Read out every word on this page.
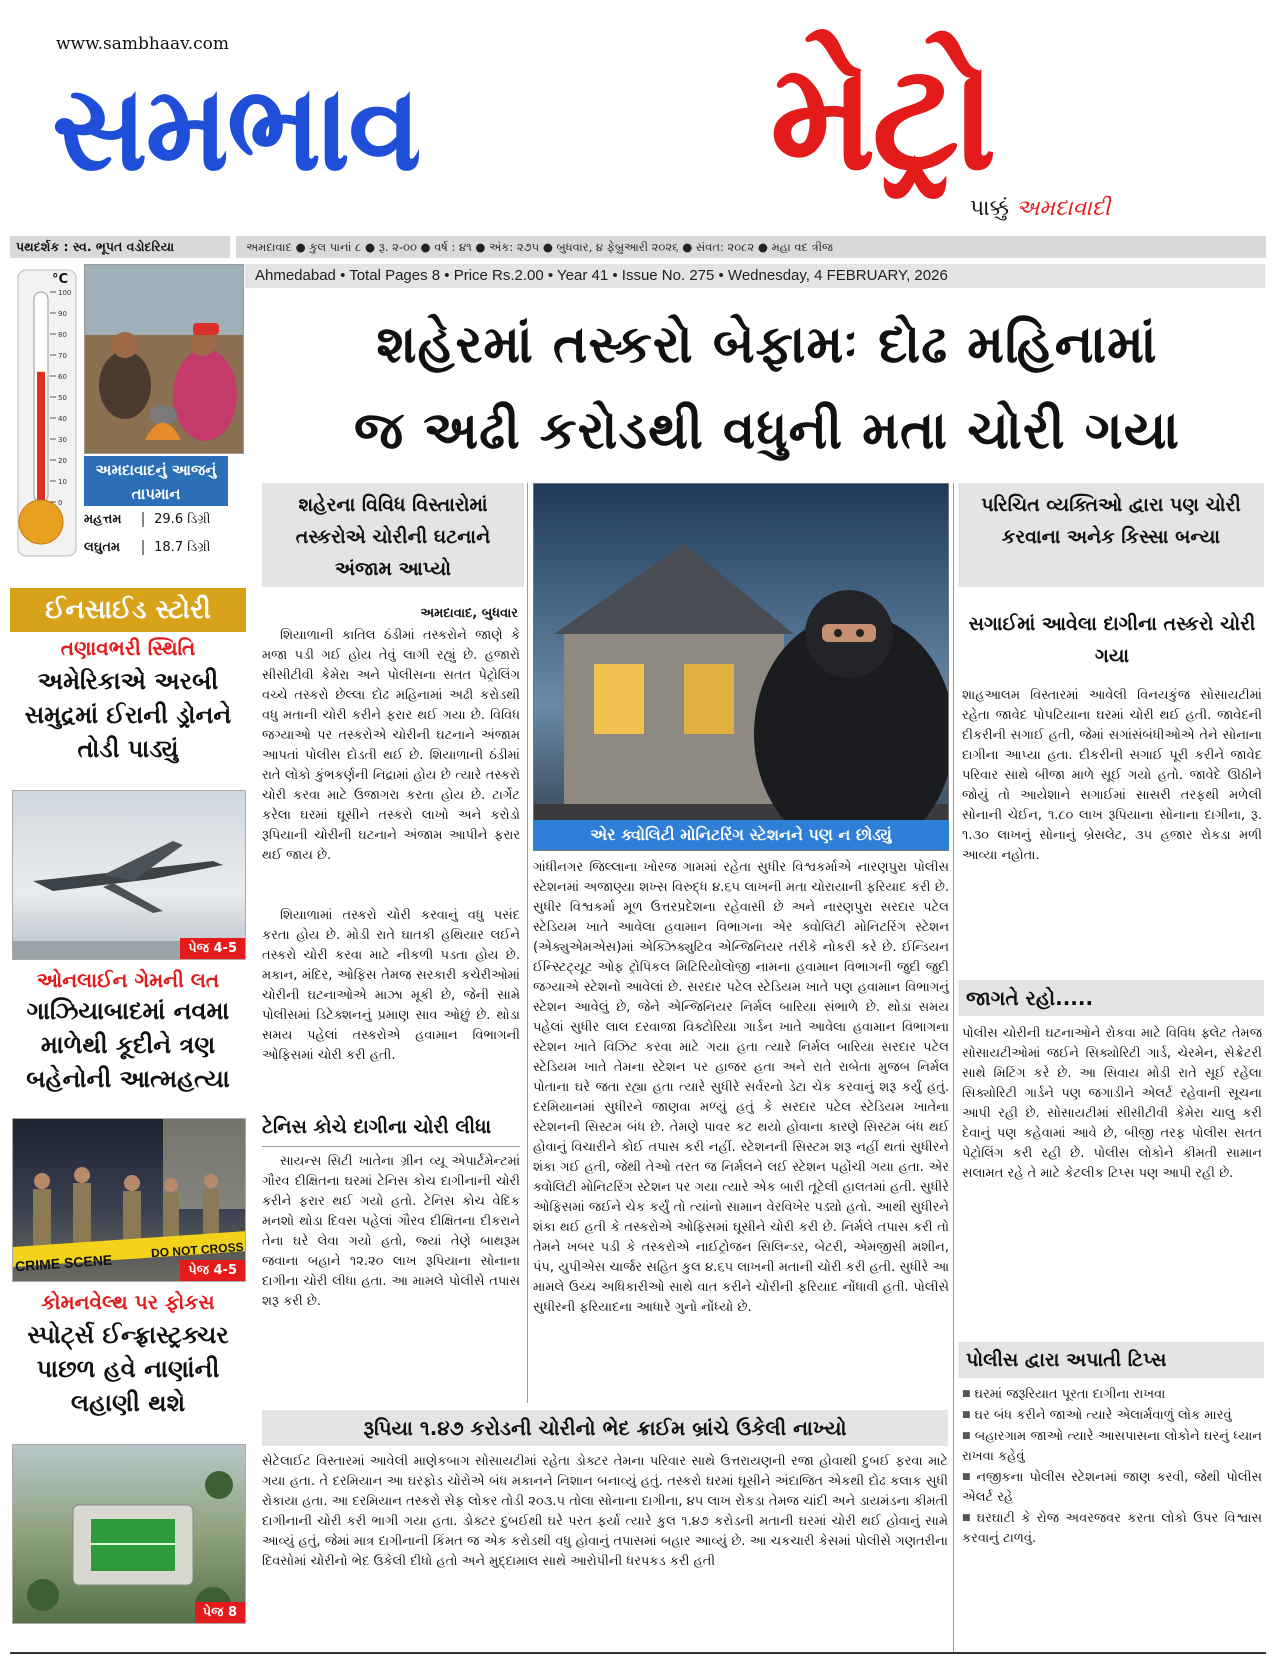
www.sambhaav.com
સમભાવ મેટ્રો
પાક્કું અમદાવાદી
પથદર્શક : સ્વ. ભૂપત વડોદરિયા	અમદાવાદ ● કુલ પાનાં ૮ ● રૂ. ૨-૦૦ ● વર્ષ : ૪૧ ● અંક: ૨૭૫ ● બુધવાર, ૪ ફેબ્રુઆરી ૨૦૨૬ ● સંવત: ૨૦૮૨ ● મહા વદ ત્રીજ
Ahmedabad • Total Pages 8 • Price Rs.2.00 • Year 41 • Issue No. 275 • Wednesday, 4 FEBRUARY, 2026
100
90
80
70
60
50
40
30
20
10
0
°C
અમદાવાદનું આજનું તાપમાન
મહત્તમ	29.6 ડિગ્રી
લઘુતમ	18.7 ડિગ્રી
ઈનસાઈડ સ્ટોરી
તણાવભરી સ્થિતિ
અમેરિકાએ અરબી સમુદ્રમાં ઈરાની ડ્રોનને તોડી પાડ્યું
પેજ 4-5
ઓનલાઈન ગેમની લત
ગાઝિયાબાદમાં નવમા માળેથી કૂદીને ત્રણ બહેનોની આત્મહત્યા
CRIME SCENE
DO NOT CROSS
પેજ 4-5
કોમનવેલ્થ પર ફોકસ
સ્પોર્ટ્સ ઈન્ફ્રાસ્ટ્રક્ચર પાછળ હવે નાણાંની લહાણી થશે
પેજ 8
શહેરમાં તસ્કરો બેફામઃ દોઢ મહિનામાં
જ અઢી કરોડથી વધુની મતા ચોરી ગયા
શહેરના વિવિધ વિસ્તારોમાં તસ્કરોએ ચોરીની ઘટનાને અંજામ આપ્યો
અમદાવાદ, બુધવાર
શિયાળાની કાતિલ ઠંડીમાં તસ્કરોને જાણે કે મજા પડી ગઈ હોય તેવું લાગી રહ્યું છે. હજારો સીસીટીવી કેમેરા અને પોલીસના સતત પેટ્રોલિંગ વચ્ચે તસ્કરો છેલ્લા દોઢ મહિનામાં અઢી કરોડથી વધુ મતાની ચોરી કરીને ફરાર થઈ ગયા છે. વિવિધ જગ્યાઓ પર તસ્કરોએ ચોરીની ઘટનાને અંજામ આપતાં પોલીસ દોડતી થઈ છે. શિયાળાની ઠંડીમાં રાતે લોકો કુંભકર્ણની નિદ્રામાં હોય છે ત્યારે તસ્કરો ચોરી કરવા માટે ઉજાગરા કરતા હોય છે. ટાર્ગેટ કરેલા ઘરમાં ઘૂસીને તસ્કરો લાખો અને કરોડો રૂપિયાની ચોરીની ઘટનાને અંજામ આપીને ફરાર થઈ જાય છે.
શિયાળામાં તસ્કરો ચોરી કરવાનું વધુ પસંદ કરતા હોય છે. મોડી રાતે ઘાતકી હથિયાર લઈને તસ્કરો ચોરી કરવા માટે નીકળી પડતા હોય છે. મકાન, મંદિર, ઓફિસ તેમજ સરકારી કચેરીઓમાં ચોરીની ઘટનાઓએ માઝા મૂકી છે, જેની સામે પોલીસમાં ડિટેક્શનનું પ્રમાણ સાવ ઓછું છે. થોડા સમય પહેલાં તસ્કરોએ હવામાન વિભાગની ઓફિસમાં ચોરી કરી હતી.
ટેનિસ કોચે દાગીના ચોરી લીધા
સાયન્સ સિટી ખાતેના ગ્રીન વ્યૂ એપાર્ટમેન્ટમાં ગૌરવ દીક્ષિતના ઘરમાં ટેનિસ કોચ દાગીનાની ચોરી કરીને ફરાર થઈ ગયો હતો. ટેનિસ કોચ વેદિક મનશો થોડા દિવસ પહેલાં ગૌરવ દીક્ષિતના દીકરાને તેના ઘરે લેવા ગયો હતો, જ્યાં તેણે બાથરૂમ જવાના બહાને ૧૨.૨૦ લાખ રૂપિયાના સોનાના દાગીના ચોરી લીધા હતા. આ મામલે પોલીસે તપાસ શરૂ કરી છે.
એર ક્વોલિટી મોનિટરિંગ સ્ટેશનને પણ ન છોડ્યું
ગાંધીનગર જિલ્લાના ખોરજ ગામમાં રહેતા સુધીર વિશ્વકર્માએ નારણપુરા પોલીસ સ્ટેશનમાં અજાણ્યા શખ્સ વિરુદ્ધ ૪.૬૫ લાખની મતા ચોરાયાની ફરિયાદ કરી છે. સુધીર વિશ્વકર્મા મૂળ ઉત્તરપ્રદેશના રહેવાસી છે અને નારણપુરા સરદાર પટેલ સ્ટેડિયમ ખાતે આવેલા હવામાન વિભાગના એર ક્વોલિટી મોનિટરિંગ સ્ટેશન (એક્યુએમએસ)માં એક્ઝિક્યુટિવ એન્જિનિયર તરીકે નોકરી કરે છે. ઈન્ડિયન ઈન્સ્ટિટ્યૂટ ઓફ ટ્રોપિકલ મિટિરિયોલોજી નામના હવામાન વિભાગની જુદી જુદી જગ્યાએ સ્ટેશનો આવેલાં છે. સરદાર પટેલ સ્ટેડિયમ ખાતે પણ હવામાન વિભાગનું સ્ટેશન આવેલું છે, જેને એન્જિનિયર નિર્મલ બારિયા સંભાળે છે. થોડા સમય પહેલાં સુધીર લાલ દરવાજા વિક્ટોરિયા ગાર્ડન ખાતે આવેલા હવામાન વિભાગના સ્ટેશન ખાતે વિઝિટ કરવા માટે ગયા હતા ત્યારે નિર્મલ બારિયા સરદાર પટેલ સ્ટેડિયમ ખાતે તેમના સ્ટેશન પર હાજર હતા અને રાતે રાબેતા મુજબ નિર્મલ પોતાના ઘરે જતા રહ્યા હતા ત્યારે સુધીરે સર્વરનો ડેટા ચેક કરવાનું શરૂ કર્યું હતું. દરમિયાનમાં સુધીરને જાણવા મળ્યું હતું કે સરદાર પટેલ સ્ટેડિયમ ખાતેના સ્ટેશનની સિસ્ટમ બંધ છે. તેમણે પાવર કટ થયો હોવાના કારણે સિસ્ટમ બંધ થઈ હોવાનું વિચારીને કોઈ તપાસ કરી નહીં. સ્ટેશનની સિસ્ટમ શરૂ નહીં થતાં સુધીરને શંકા ગઈ હતી, જેથી તેઓ તરત જ નિર્મલને લઈ સ્ટેશન પહોંચી ગયા હતા. એર ક્વોલિટી મોનિટરિંગ સ્ટેશન પર ગયા ત્યારે એક બારી તૂટેલી હાલતમાં હતી. સુધીરે ઓફિસમાં જઈને ચેક કર્યું તો ત્યાંનો સામાન વેરવિખેર પડ્યો હતો. આથી સુધીરને શંકા થઈ હતી કે તસ્કરોએ ઓફિસમાં ઘૂસીને ચોરી કરી છે. નિર્મલે તપાસ કરી તો તેમને ખબર પડી કે તસ્કરોએ નાઈટ્રોજન સિલિન્ડર, બેટરી, એમજીસી મશીન, પંપ, યુપીએસ ચાર્જર સહિત કુલ ૪.૬૫ લાખની મતાની ચોરી કરી હતી. સુધીરે આ મામલે ઉચ્ચ અધિકારીઓ સાથે વાત કરીને ચોરીની ફરિયાદ નોંધાવી હતી. પોલીસે સુધીરની ફરિયાદના આધારે ગુનો નોંધ્યો છે.
પરિચિત વ્યક્તિઓ દ્વારા પણ ચોરી કરવાના અનેક કિસ્સા બન્યા
સગાઈમાં આવેલા દાગીના તસ્કરો ચોરી ગયા
શાહઆલમ વિસ્તારમાં આવેલી વિનયકુંજ સોસાયટીમાં રહેતા જાવેદ પોપટિયાના ઘરમાં ચોરી થઈ હતી. જાવેદની દીકરીની સગાઈ હતી, જેમાં સગાંસંબંધીઓએ તેને સોનાના દાગીના આપ્યા હતા. દીકરીની સગાઈ પૂરી કરીને જાવેદ પરિવાર સાથે બીજા માળે સૂઈ ગયો હતો. જાવેદે ઊઠીને જોયું તો આયેશાને સગાઈમાં સાસરી તરફથી મળેલી સોનાની ચેઈન, ૧.૮૦ લાખ રૂપિયાના સોનાના દાગીના, રૂ. ૧.૩૦ લાખનું સોનાનું બ્રેસલેટ, ૩૫ હજાર રોકડા મળી આવ્યા નહોતા.
જાગતે રહો.....
પોલીસ ચોરીની ઘટનાઓને રોકવા માટે વિવિધ ફ્લેટ તેમજ સોસાયટીઓમાં જઈને સિક્યોરિટી ગાર્ડ, ચેરમેન, સેક્રેટરી સાથે મિટિંગ કરે છે. આ સિવાય મોડી રાતે સૂઈ રહેલા સિક્યોરિટી ગાર્ડને પણ જગાડીને એલર્ટ રહેવાની સૂચના આપી રહી છે. સોસાયટીમાં સીસીટીવી કેમેરા ચાલુ કરી દેવાનું પણ કહેવામાં આવે છે, બીજી તરફ પોલીસ સતત પેટ્રોલિંગ કરી રહી છે. પોલીસ લોકોને કીમતી સામાન સલામત રહે તે માટે કેટલીક ટિપ્સ પણ આપી રહી છે.
પોલીસ દ્વારા અપાતી ટિપ્સ
■ ઘરમાં જરૂરિયાત પૂરતા દાગીના રાખવા
■ ઘર બંધ કરીને જાઓ ત્યારે એલાર્મવાળું લોક મારવું
■ બહારગામ જાઓ ત્યારે આસપાસના લોકોને ઘરનું ધ્યાન રાખવા કહેવું
■ નજીકના પોલીસ સ્ટેશનમાં જાણ કરવી, જેથી પોલીસ એલર્ટ રહે
■ ઘરઘાટી કે રોજ અવરજવર કરતા લોકો ઉપર વિશ્વાસ કરવાનું ટાળવું.
રૂપિયા ૧.૪૭ કરોડની ચોરીનો ભેદ ક્રાઈમ બ્રાંચે ઉકેલી નાખ્યો
સેટેલાઈટ વિસ્તારમાં આવેલી માણેકબાગ સોસાયટીમાં રહેતા ડોક્ટર તેમના પરિવાર સાથે ઉત્તરાયણની રજા હોવાથી દુબઈ ફરવા માટે ગયા હતા. તે દરમિયાન આ ઘરફોડ ચોરોએ બંધ મકાનને નિશાન બનાવ્યું હતું. તસ્કરો ઘરમાં ઘૂસીને અંદાજિત એકથી દોઢ કલાક સુધી રોકાયા હતા. આ દરમિયાન તસ્કરો સેફ લોકર તોડી ૨૦૩.૫ તોલા સોનાના દાગીના, ૪૫ લાખ રોકડા તેમજ ચાંદી અને ડાયમંડના કીમતી દાગીનાની ચોરી કરી ભાગી ગયા હતા. ડોક્ટર દુબઈથી ઘરે પરત ફર્યા ત્યારે કુલ ૧.૪૭ કરોડની મતાની ઘરમાં ચોરી થઈ હોવાનું સામે આવ્યું હતું, જેમાં માત્ર દાગીનાની કિંમત જ એક કરોડથી વધુ હોવાનું તપાસમાં બહાર આવ્યું છે. આ ચકચારી કેસમાં પોલીસે ગણતરીના દિવસોમાં ચોરીનો ભેદ ઉકેલી દીધો હતો અને મુદ્દામાલ સાથે આરોપીની ધરપકડ કરી હતી
